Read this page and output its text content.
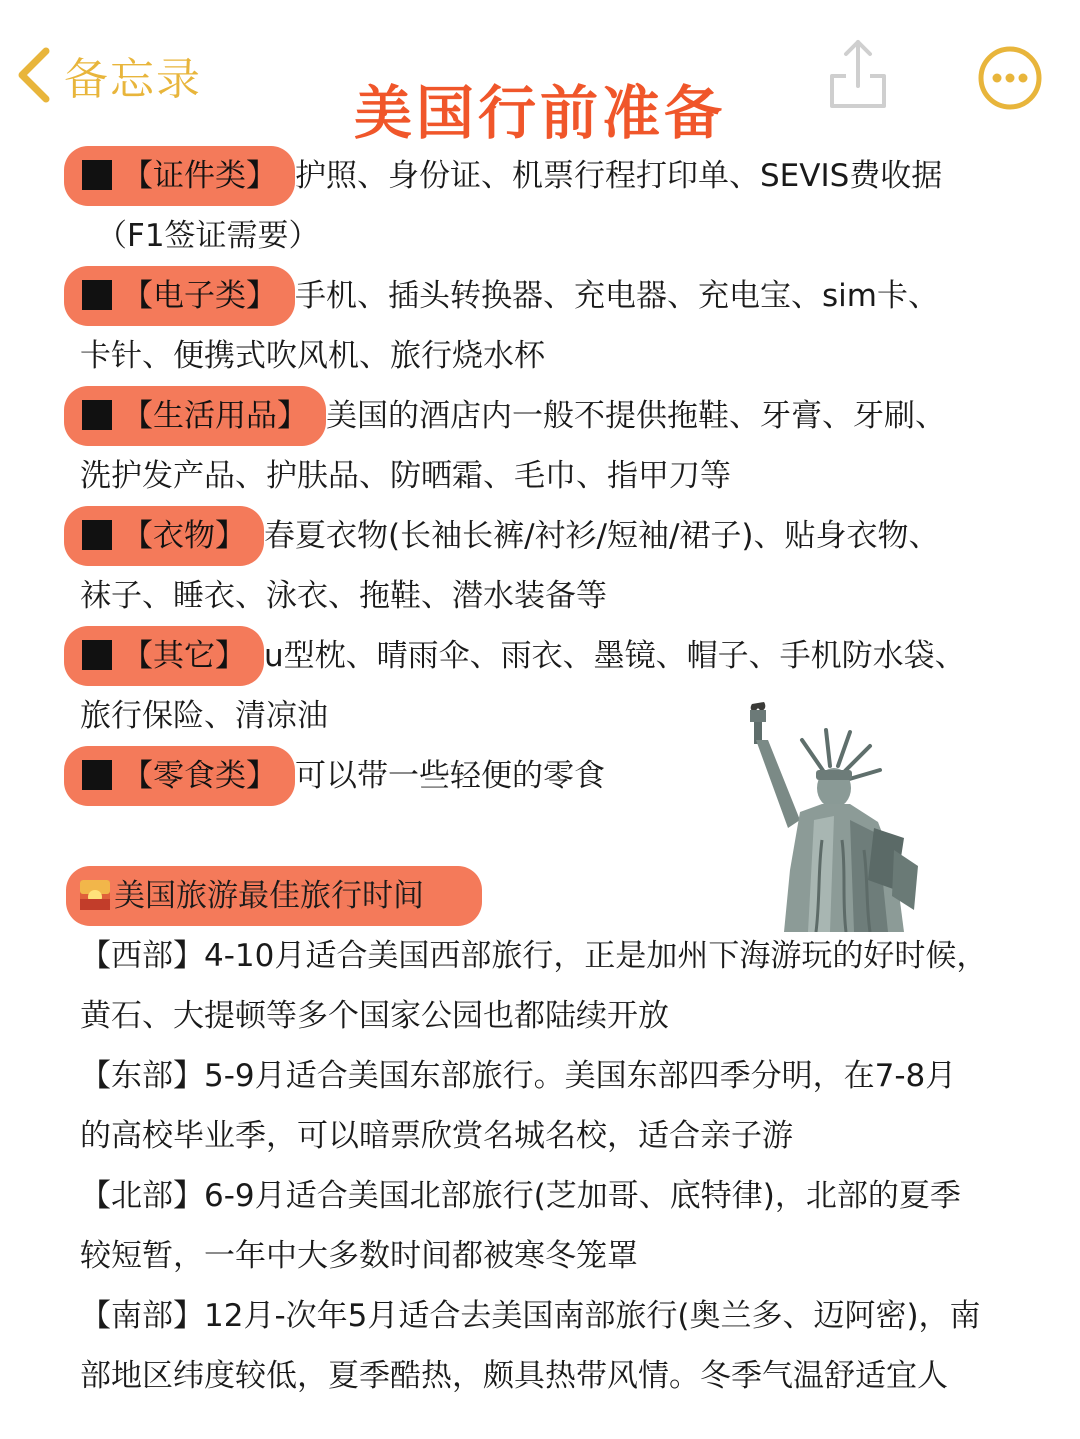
备忘录	美国行前准备
【证件类】 护照、身份证、机票行程打印单、SEVIS费收据
（F1签证需要）
【电子类】 手机、插头转换器、充电器、充电宝、sim卡、
卡针、便携式吹风机、旅行烧水杯
【生活用品】 美国的酒店内一般不提供拖鞋、牙膏、牙刷、
洗护发产品、护肤品、防晒霜、毛巾、指甲刀等
【衣物】 春夏衣物(长袖长裤/衬衫/短袖/裙子)、贴身衣物、
袜子、睡衣、泳衣、拖鞋、潜水装备等
【其它】 u型枕、晴雨伞、雨衣、墨镜、帽子、手机防水袋、
旅行保险、清凉油
【零食类】 可以带一些轻便的零食
美国旅游最佳旅行时间
【西部】4-10月适合美国西部旅行，正是加州下海游玩的好时候，
黄石、大提顿等多个国家公园也都陆续开放
【东部】5-9月适合美国东部旅行。美国东部四季分明，在7-8月
的高校毕业季，可以暗票欣赏名城名校，适合亲子游
【北部】6-9月适合美国北部旅行(芝加哥、底特律)，北部的夏季
较短暂，一年中大多数时间都被寒冬笼罩
【南部】12月-次年5月适合去美国南部旅行(奥兰多、迈阿密)，南
部地区纬度较低，夏季酷热，颇具热带风情。冬季气温舒适宜人
